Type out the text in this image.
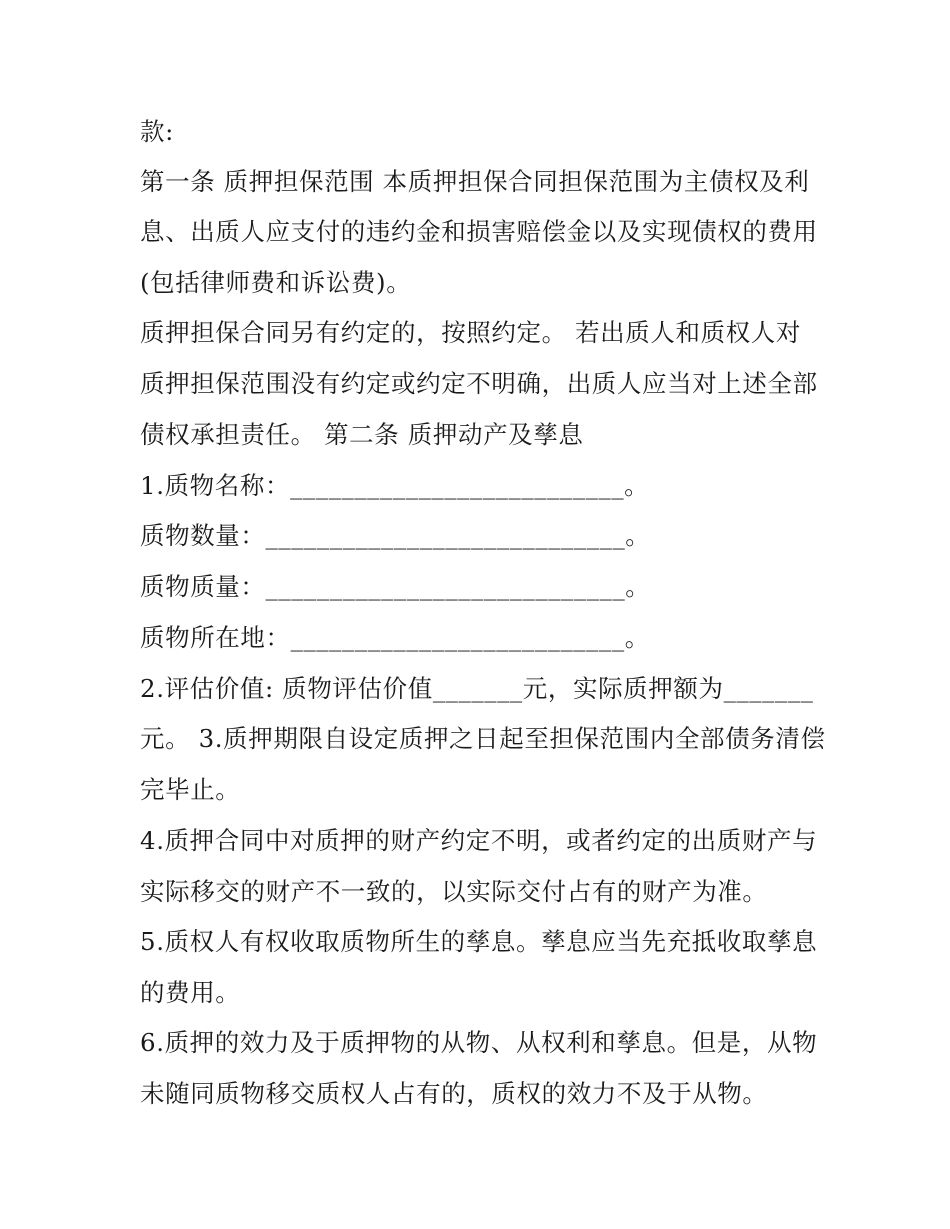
款:
第一条 质押担保范围 本质押担保合同担保范围为主债权及利
息、出质人应支付的违约金和损害赔偿金以及实现债权的费用
(包括律师费和诉讼费)。
质押担保合同另有约定的，按照约定。 若出质人和质权人对
质押担保范围没有约定或约定不明确，出质人应当对上述全部
债权承担责任。 第二条 质押动产及孳息
1.质物名称：__________________________。
质物数量：____________________________。
质物质量：____________________________。
质物所在地：__________________________。
2.评估价值: 质物评估价值_______元，实际质押额为_______
元。 3.质押期限自设定质押之日起至担保范围内全部债务清偿
完毕止。
4.质押合同中对质押的财产约定不明，或者约定的出质财产与
实际移交的财产不一致的，以实际交付占有的财产为准。
5.质权人有权收取质物所生的孳息。孳息应当先充抵收取孳息
的费用。
6.质押的效力及于质押物的从物、从权利和孳息。但是，从物
未随同质物移交质权人占有的，质权的效力不及于从物。
